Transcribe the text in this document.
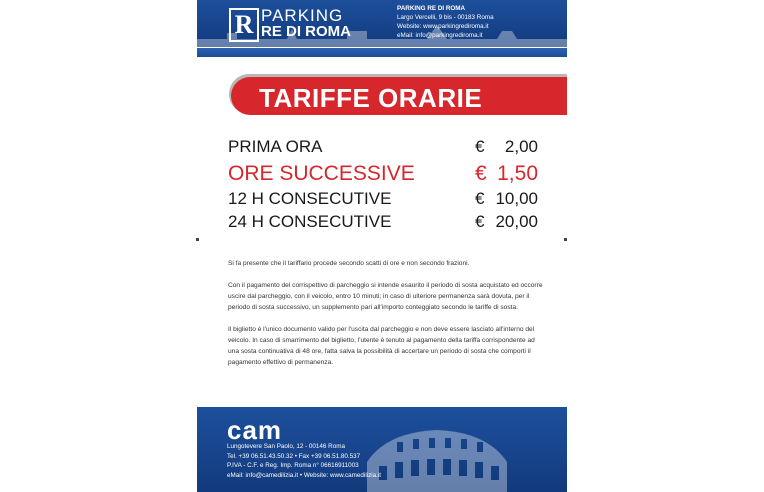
R PARKING
RE DI ROMA
PARKING RE DI ROMA
Largo Vercelli, 9 bis - 00183 Roma
Website: www.parkingrediroma.it
eMail: info@parkingrediroma.it
TARIFFE ORARIE
PRIMA ORA	€ 2,00
ORE SUCCESSIVE	€ 1,50
12 H CONSECUTIVE	€ 10,00
24 H CONSECUTIVE	€ 20,00
Si fa presente che il tariffario procede secondo scatti di ore e non secondo frazioni.
Con il pagamento del corrispettivo di parcheggio si intende esaurito il periodo di sosta acquistato ed occorre uscire dal parcheggio, con il veicolo, entro 10 minuti; in caso di ulteriore permanenza sarà dovuta, per il periodo di sosta successivo, un supplemento pari all'importo conteggiato secondo le tariffe di sosta.
Il biglietto è l'unico documento valido per l'uscita dal parcheggio e non deve essere lasciato all'interno del veicolo. In caso di smarrimento del biglietto, l'utente è tenuto al pagamento della tariffa corrispondente ad una sosta continuativa di 48 ore, fatta salva la possibilità di accertare un periodo di sosta che comporti il pagamento effettivo di permanenza.
cam
Lungotevere San Paolo, 12 - 00146 Roma
Tel. +39 06.51.43.50.32 • Fax +39 06.51.80.537
P.IVA - C.F. e Reg. Imp. Roma n° 06616911003
eMail: info@camedilizia.it • Website: www.camedilizia.it
